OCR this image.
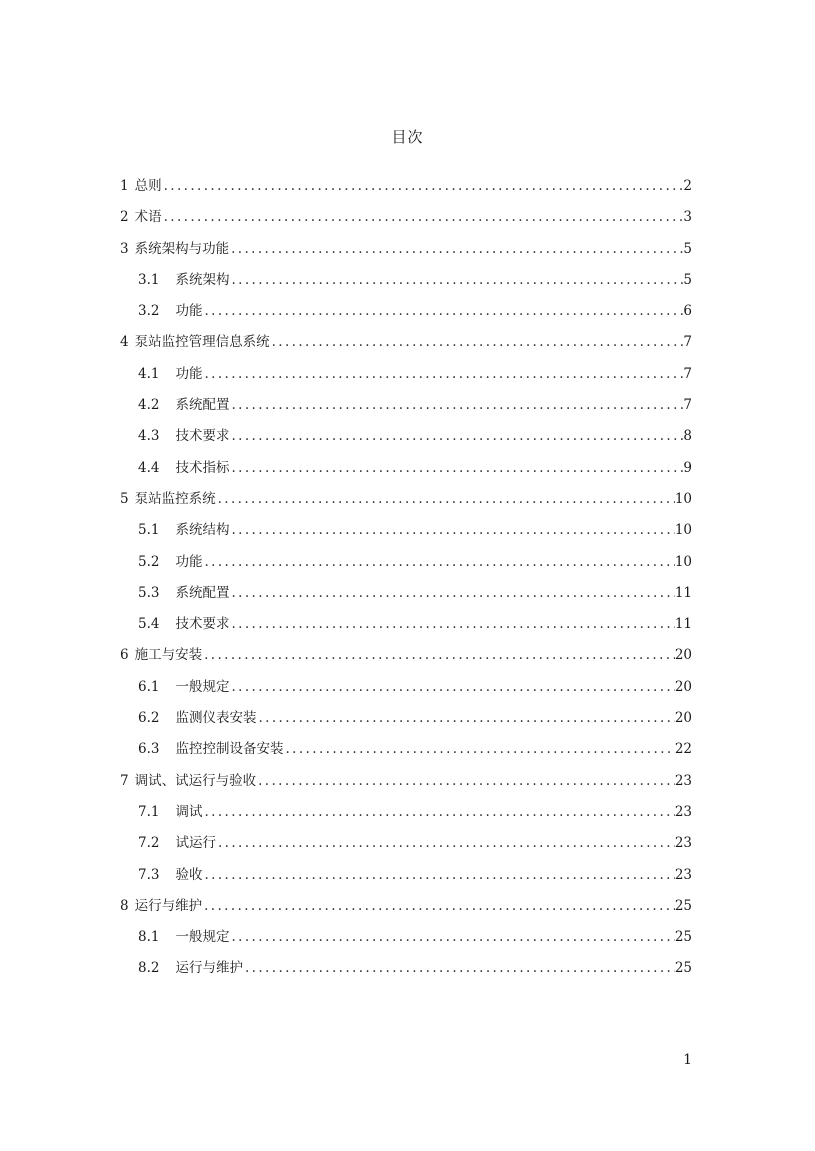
目次
1 总则 .....	2
2 术语 .....	3
3 系统架构与功能 .....	5
3.1	系统架构 .....	5
3.2	功能 .....	6
4 泵站监控管理信息系统 .....	7
4.1	功能 .....	7
4.2	系统配置 .....	7
4.3	技术要求 .....	8
4.4	技术指标 .....	9
5 泵站监控系统 .....	10
5.1	系统结构 .....	10
5.2	功能 .....	10
5.3	系统配置 .....	11
5.4	技术要求 .....	11
6 施工与安装 .....	20
6.1	一般规定 .....	20
6.2	监测仪表安装 .....	20
6.3	监控控制设备安装 .....	22
7 调试、试运行与验收 .....	23
7.1	调试 .....	23
7.2	试运行 .....	23
7.3	验收 .....	23
8 运行与维护 .....	25
8.1	一般规定 .....	25
8.2	运行与维护 .....	25
1
